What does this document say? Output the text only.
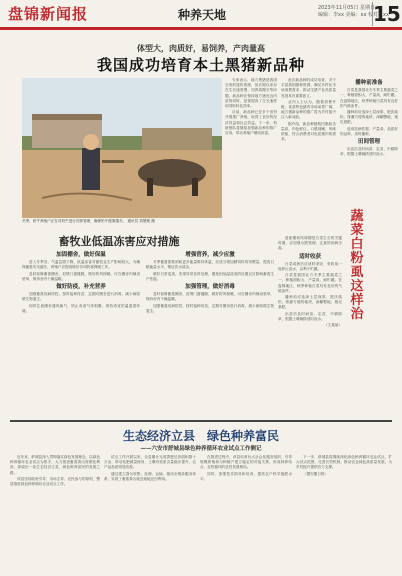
盘锦新闻报	种养天地	2023年11月05日 星期日
编辑：李xx 美编：xx 校对：xx
15
体型大，肉质好，易饲养，产肉量高
我国成功培育本土黑猪新品种
冬季，奶牛养殖户正在对奶牛进行饲养管理，确保奶牛健康越冬。 通讯员 刘慧敏 摄

专家表示，地方黑猪是我国宝贵的遗传资源，但长期以来存在生长速度慢、饲养周期长等问题。新品种在保持地方猪优良肉质的同时，显著提高了生长速度和饲料转化效率。

目前，新品种已在多个省份开展推广养殖，取得了良好的经济效益和社会效益。下一步，科研团队将继续加强新品种的推广应用，带动养殖户增收致富。

此次新品种的成功培育，对于丰富我国猪种资源、满足多样化市场消费需求、推动生猪产业高质量发展具有重要意义。

业内人士认为，随着消费升级，优质特色猪肉市场前景广阔，地方猪新品种的推广将为乡村振兴注入新动能。

据介绍，新品种猪肌内脂肪含量高，肉色鲜红，口感细嫩，风味浓郁，符合消费者对优质猪肉的需求。

播种前准备

白菜是我国北方冬季主要蔬菜之一，种植面积大，产量高，耐贮藏。在盘锦地区，秋季种植白菜具有良好的气候条件。

播种前应选择土层深厚、肥沃疏松、排灌方便的地块，深翻整地，施足基肥。

选用抗病性强、产量高、品质好的品种，适时播种。

田间管理

出苗后及时间苗、定苗，中耕除草，根据土壤墒情适时浇水。

蔬菜白粉虱这样治

莲座期和结球期是白菜生长的关键时期，应加强水肥管理，注意防治病虫害。

适时收获

白菜成熟后应适时采收，采收前一周停止浇水，以利于贮藏。

白菜是我国北方冬季主要蔬菜之一，种植面积大，产量高，耐贮藏。在盘锦地区，秋季种植白菜具有良好的气候条件。

播种前应选择土层深厚、肥沃疏松、排灌方便的地块，深翻整地，施足基肥。

出苗后及时间苗、定苗，中耕除草，根据土壤墒情适时浇水。

（王某某）
畜牧业低温冻害应对措施
加固棚舍，做好保温

进入冬季后，气温急剧下降，低温冻害对畜牧业生产影响较大。为确保畜禽安全越冬，养殖户应提前做好各项防寒保暖工作。

及时检修畜禽圈舍，封堵门窗缝隙，做好防风保暖。可在圈舍内铺设垫草，保持舍内干燥温暖。

做好防疫，补充营养

加强畜禽疫病防控，按时接种疫苗，定期对圈舍进行消毒，减少病原微生物滋生。

同时注意圈舍通风换气，防止有害气体积聚，保持适宜的温湿度环境。

增强营养，减少应激

冬季畜禽需要消耗更多能量维持体温，应适当增加精饲料的饲喂量，提高日粮能量水平，保证饮水清洁。

做好日常巡查，发现异常及时处理，避免因低温造成的应激反应影响畜禽生产性能。

加强管理，做好消毒

及时检修畜禽圈舍，封堵门窗缝隙，做好防风保暖。可在圈舍内铺设垫草，保持舍内干燥温暖。

加强畜禽疫病防控，按时接种疫苗，定期对圈舍进行消毒，减少病原微生物滋生。

生态经济立县　绿色种养富民
——六安市舒城县绿色种养循环农业试点工作侧记

近年来，舒城县深入贯彻落实绿色发展理念，以绿色种养循环农业试点为抓手，大力推进畜禽粪污资源化利用，探索出一条生态经济立县、绿色种养富民的发展之路。

该县坚持政府引导、市场主导、农民参与的原则，整县推进绿色种养循环农业试点工作。

试点工作开展以来，全县累计完成粪肥还田面积数十万亩，带动化肥减量使用，土壤有机质含量稳步提升，农产品品质明显改善。

通过建立粪污收集、处理、运输、施用全链条服务体系，实现了畜禽粪污就近就地还田利用。

在推进过程中，该县培育壮大社会化服务组织，引导规模养殖场与种植户建立稳定的对接关系，形成种养结合、农牧循环的良性发展格局。

同时，加强技术指导和培训，提高农户科学施肥水平。

下一步，舒城县将继续深化绿色种养循环农业试点，扩大试点范围，完善长效机制，推动农业绿色高质量发展，为乡村振兴提供有力支撑。

（据安徽日报）
